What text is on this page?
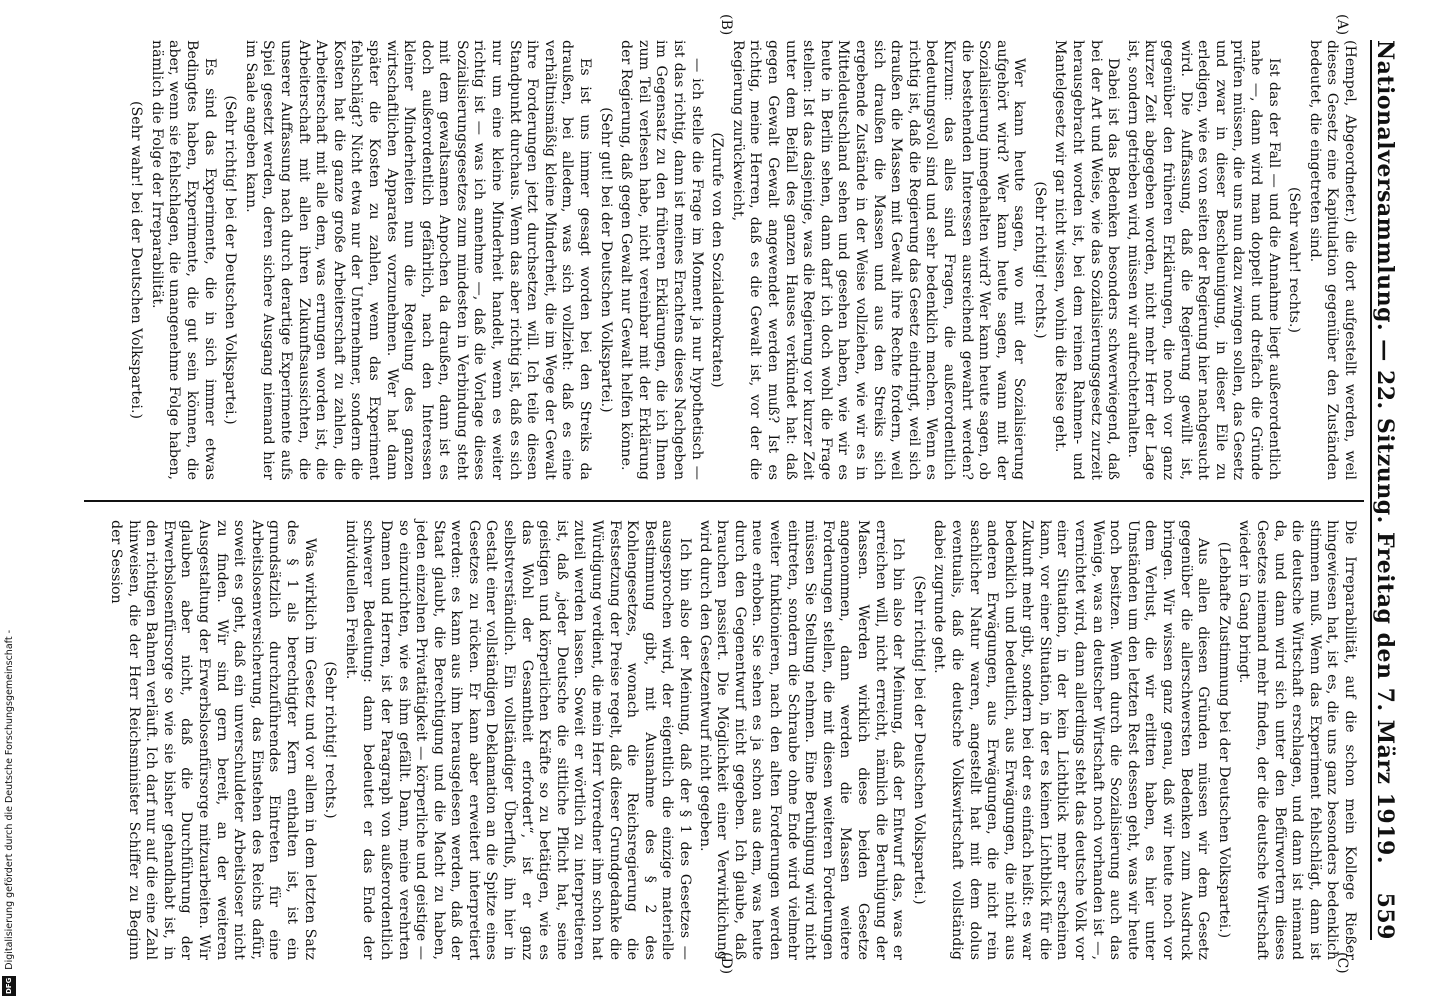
Nationalversammlung. — 22. Sitzung. Freitag den 7. März 1919.
559
(A)
(B)
(C)
(D)

(Hempel, Abgeordneter.) die dort aufgestellt werden, weil dieses Gesetz eine Kapitulation gegenüber den Zuständen bedeutet, die eingetreten sind.

(Sehr wahr! rechts.)

Ist das der Fall — und die Annahme liegt außerordentlich nahe —, dann wird man doppelt und dreifach die Gründe prüfen müssen, die uns nun dazu zwingen sollen, das Gesetz und zwar in dieser Beschleunigung, in dieser Eile zu erledigen, wie es von seiten der Regierung hier nachgesucht wird. Die Auffassung, daß die Regierung gewillt ist, gegenüber den früheren Erklärungen, die noch vor ganz kurzer Zeit abgegeben worden, nicht mehr Herr der Lage ist, sondern getrieben wird, müssen wir aufrechterhalten.

Dabei ist das Bedenken besonders schwerwiegend, daß bei der Art und Weise, wie das Sozialisierungsgesetz zurzeit herausgebracht worden ist, bei dem reinen Rahmen- und Mantelgesetz wir gar nicht wissen, wohin die Reise geht.

(Sehr richtig! rechts.)

Wer kann heute sagen, wo mit der Sozialisierung aufgehört wird? Wer kann heute sagen, wann mit der Sozialisierung innegehalten wird? Wer kann heute sagen, ob die bestehenden Interessen ausreichend gewahrt werden? Kurzum: das alles sind Fragen, die außerordentlich bedeutungsvoll sind und sehr bedenklich machen. Wenn es richtig ist, daß die Regierung das Gesetz eindringt, weil sich draußen die Massen mit Gewalt ihre Rechte fordern, weil sich draußen die Massen und aus den Streiks sich ergebende Zustände in der Weise vollziehen, wie wir es in Mitteldeutschland sehen und gesehen haben, wie wir es heute in Berlin sehen, dann darf ich doch wohl die Frage stellen: Ist das dasjenige, was die Regierung vor kurzer Zeit unter dem Beifall des ganzen Hauses verkündet hat: daß gegen Gewalt Gewalt angewendet werden muß? Ist es richtig, meine Herren, daß es die Gewalt ist, vor der die Regierung zurückweicht,

(Zurufe von den Sozialdemokraten)

— ich stelle die Frage im Moment ja nur hypothetisch — ist das richtig, dann ist meines Erachtens dieses Nachgeben im Gegensatz zu den früheren Erklärungen, die ich Ihnen zum Teil verlesen habe, nicht vereinbar mit der Erklärung der Regierung, daß gegen Gewalt nur Gewalt helfen könne.

(Sehr gut! bei der Deutschen Volkspartei.)

Es ist uns immer gesagt worden bei den Streiks da draußen, bei alledem, was sich vollzieht: daß es eine verhältnismäßig kleine Minderheit, die im Wege der Gewalt ihre Forderungen jetzt durchsetzen will. Ich teile diesen Standpunkt durchaus. Wenn das aber richtig ist, daß es sich nur um eine kleine Minderheit handelt, wenn es weiter richtig ist — was ich annehme —, daß die Vorlage dieses Sozialisierungsgesetzes zum mindesten in Verbindung steht mit dem gewaltsamen Anpochen da draußen, dann ist es doch außerordentlich gefährlich, nach den Interessen kleiner Minderheiten nun die Regelung des ganzen wirtschaftlichen Apparates vorzunehmen. Wer hat dann später die Kosten zu zahlen, wenn das Experiment fehlschlägt? Nicht etwa nur der Unternehmer, sondern die Kosten hat die ganze große Arbeiterschaft zu zahlen, die Arbeiterschaft mit alle dem, was errungen worden ist, die Arbeiterschaft mit allen ihren Zukunftsaussichten, die unserer Auffassung nach durch derartige Experimente aufs Spiel gesetzt werden, deren sichere Ausgang niemand hier im Saale angeben kann.

(Sehr richtig! bei der Deutschen Volkspartei.)

Es sind das Experimente, die in sich immer etwas Bedingtes haben, Experimente, die gut sein können, die aber, wenn sie fehlschlagen, die unangenehme Folge haben, nämlich die Folge der Irreparabilität.

(Sehr wahr! bei der Deutschen Volkspartei.)

Die Irreparabilität, auf die schon mein Kollege Rießer hingewiesen hat, ist es, die uns ganz besonders bedenklich stimmen muß. Wenn das Experiment fehlschlägt, dann ist die deutsche Wirtschaft erschlagen, und dann ist niemand da, und dann wird sich unter den Befürwortern dieses Gesetzes niemand mehr finden, der die deutsche Wirtschaft wieder in Gang bringt.

(Lebhafte Zustimmung bei der Deutschen Volkspartei.)

Aus allen diesen Gründen müssen wir dem Gesetz gegenüber die allerschwersten Bedenken zum Ausdruck bringen. Wir wissen ganz genau, daß wir heute noch vor dem Verlust, die wir erlitten haben, es hier unter Umständen um den letzten Rest dessen geht, was wir heute noch besitzen. Wenn durch die Sozialisierung auch das Wenige, was an deutscher Wirtschaft noch vorhanden ist —, vernichtet wird, dann allerdings steht das deutsche Volk vor einer Situation, in der kein Lichtblick mehr erscheinen kann, vor einer Situation, in der es keinen Lichtblick für die Zukunft mehr gibt, sondern bei der es einfach heißt: es war bedenklich und bedeutlich, aus Erwägungen, die nicht aus anderen Erwägungen, aus Erwägungen, die nicht rein sachlicher Natur waren, angestellt hat mit dem dolus eventualis, daß die deutsche Volkswirtschaft vollständig dabei zugrunde geht.

(Sehr richtig! bei der Deutschen Volkspartei.)

Ich bin also der Meinung, daß der Entwurf das, was er erreichen will, nicht erreicht, nämlich die Beruhigung der Massen. Werden wirklich diese beiden Gesetze angenommen, dann werden die Massen weitere Forderungen stellen, die mit diesen weiteren Forderungen müssen Sie Stellung nehmen. Eine Beruhigung wird nicht eintreten, sondern die Schraube ohne Ende wird vielmehr weiter funktionieren, nach den alten Forderungen werden neue erhoben. Sie sehen es ja schon aus dem, was heute durch den Gegenentwurf nicht gegeben. Ich glaube, daß brauchen passiert. Die Möglichkeit einer Verwirklichung wird durch den Gesetzentwurf nicht gegeben.

Ich bin also der Meinung, daß der § 1 des Gesetzes — ausgesprochen wird, der eigentlich die einzige materielle Bestimmung gibt, mit Ausnahme des § 2 des Kohlengesetzes, wonach die Reichsregierung die Festsetzung der Preise regelt, daß dieser Grundgedanke die Würdigung verdient, die mein Herr Vorredner ihm schon hat zuteil werden lassen. Soweit er wörtlich zu interpretieren ist, daß „jeder Deutsche die sittliche Pflicht hat, seine geistigen und körperlichen Kräfte so zu betätigen, wie es das Wohl der Gesamtheit erfordert“, ist er ganz selbstverständlich. Ein vollständiger Überfluß, ihn hier in Gestalt einer vollständigen Deklamation an die Spitze eines Gesetzes zu rücken. Er kann aber erweitert interpretiert werden: es kann aus ihm herausgelesen werden, daß der Staat glaubt, die Berechtigung und die Macht zu haben, jeden einzelnen Privattätigkeit — körperliche und geistige — so einzurichten, wie es ihm gefällt. Dann, meine verehrten Damen und Herren, ist der Paragraph von außerordentlich schwerer Bedeutung: dann bedeutet er das Ende der individuellen Freiheit.

(Sehr richtig! rechts.)

Was wirklich im Gesetz und vor allem in dem letzten Satz des § 1 als berechtigter Kern enthalten ist, ist ein grundsätzlich durchzuführendes Eintreten für eine Arbeitslosenversicherung, das Einstehen des Reichs dafür, soweit es geht, daß ein unverschuldeter Arbeitsloser nicht zu finden. Wir sind gern bereit, an der weiteren Ausgestaltung der Erwerbslosenfürsorge mitzuarbeiten. Wir glauben aber nicht, daß die Durchführung der Erwerbslosenfürsorge so wie sie bisher gehandhabt ist, in den richtigen Bahnen verläuft. Ich darf nur auf die eine Zahl hinweisen, die der Herr Reichsminister Schiffer zu Beginn der Session

Digitalisierung gefördert durch die Deutsche Forschungsgemeinschaft -
DFG
